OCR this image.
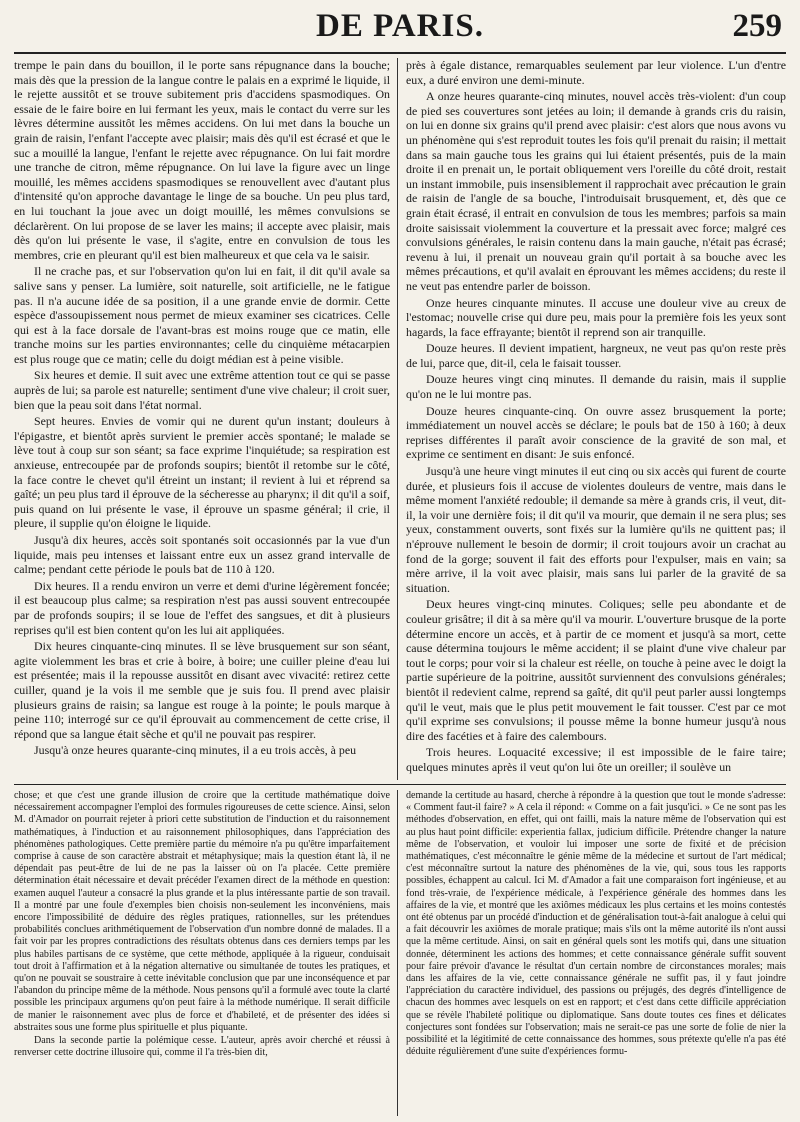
DE PARIS.	259

trempe le pain dans du bouillon, il le porte sans répugnance dans la bouche; mais dès que la pression de la langue contre le palais en a exprimé le liquide, il le rejette aussitôt et se trouve subitement pris d'accidens spasmodiques. On essaie de le faire boire en lui fermant les yeux, mais le contact du verre sur les lèvres détermine aussitôt les mêmes accidens. On lui met dans la bouche un grain de raisin, l'enfant l'accepte avec plaisir; mais dès qu'il est écrasé et que le suc a mouillé la langue, l'enfant le rejette avec répugnance. On lui fait mordre une tranche de citron, même répugnance. On lui lave la figure avec un linge mouillé, les mêmes accidens spasmodiques se renouvellent avec d'autant plus d'intensité qu'on approche davantage le linge de sa bouche. Un peu plus tard, en lui touchant la joue avec un doigt mouillé, les mêmes convulsions se déclarèrent. On lui propose de se laver les mains; il accepte avec plaisir, mais dès qu'on lui présente le vase, il s'agite, entre en convulsion de tous les membres, crie en pleurant qu'il est bien malheureux et que cela va le saisir.

Il ne crache pas, et sur l'observation qu'on lui en fait, il dit qu'il avale sa salive sans y penser. La lumière, soit naturelle, soit artificielle, ne le fatigue pas. Il n'a aucune idée de sa position, il a une grande envie de dormir. Cette espèce d'assoupissement nous permet de mieux examiner ses cicatrices. Celle qui est à la face dorsale de l'avant-bras est moins rouge que ce matin, elle tranche moins sur les parties environnantes; celle du cinquième métacarpien est plus rouge que ce matin; celle du doigt médian est à peine visible.

Six heures et demie. Il suit avec une extrême attention tout ce qui se passe auprès de lui; sa parole est naturelle; sentiment d'une vive chaleur; il croit suer, bien que la peau soit dans l'état normal.

Sept heures. Envies de vomir qui ne durent qu'un instant; douleurs à l'épigastre, et bientôt après survient le premier accès spontané; le malade se lève tout à coup sur son séant; sa face exprime l'inquiétude; sa respiration est anxieuse, entrecoupée par de profonds soupirs; bientôt il retombe sur le côté, la face contre le chevet qu'il étreint un instant; il revient à lui et réprend sa gaîté; un peu plus tard il éprouve de la sécheresse au pharynx; il dit qu'il a soif, puis quand on lui présente le vase, il éprouve un spasme général; il crie, il pleure, il supplie qu'on éloigne le liquide.

Jusqu'à dix heures, accès soit spontanés soit occasionnés par la vue d'un liquide, mais peu intenses et laissant entre eux un assez grand intervalle de calme; pendant cette période le pouls bat de 110 à 120.

Dix heures. Il a rendu environ un verre et demi d'urine légèrement foncée; il est beaucoup plus calme; sa respiration n'est pas aussi souvent entrecoupée par de profonds soupirs; il se loue de l'effet des sangsues, et dit à plusieurs reprises qu'il est bien content qu'on les lui ait appliquées.

Dix heures cinquante-cinq minutes. Il se lève brusquement sur son séant, agite violemment les bras et crie à boire, à boire; une cuiller pleine d'eau lui est présentée; mais il la repousse aussitôt en disant avec vivacité: retirez cette cuiller, quand je la vois il me semble que je suis fou. Il prend avec plaisir plusieurs grains de raisin; sa langue est rouge à la pointe; le pouls marque à peine 110; interrogé sur ce qu'il éprouvait au commencement de cette crise, il répond que sa langue était sèche et qu'il ne pouvait pas respirer.

Jusqu'à onze heures quarante-cinq minutes, il a eu trois accès, à peu

près à égale distance, remarquables seulement par leur violence. L'un d'entre eux, a duré environ une demi-minute.

A onze heures quarante-cinq minutes, nouvel accès très-violent: d'un coup de pied ses couvertures sont jetées au loin; il demande à grands cris du raisin, on lui en donne six grains qu'il prend avec plaisir: c'est alors que nous avons vu un phénomène qui s'est reproduit toutes les fois qu'il prenait du raisin; il mettait dans sa main gauche tous les grains qui lui étaient présentés, puis de la main droite il en prenait un, le portait obliquement vers l'oreille du côté droit, restait un instant immobile, puis insensiblement il rapprochait avec précaution le grain de raisin de l'angle de sa bouche, l'introduisait brusquement, et, dès que ce grain était écrasé, il entrait en convulsion de tous les membres; parfois sa main droite saisissait violemment la couverture et la pressait avec force; malgré ces convulsions générales, le raisin contenu dans la main gauche, n'était pas écrasé; revenu à lui, il prenait un nouveau grain qu'il portait à sa bouche avec les mêmes précautions, et qu'il avalait en éprouvant les mêmes accidens; du reste il ne veut pas entendre parler de boisson.

Onze heures cinquante minutes. Il accuse une douleur vive au creux de l'estomac; nouvelle crise qui dure peu, mais pour la première fois les yeux sont hagards, la face effrayante; bientôt il reprend son air tranquille.

Douze heures. Il devient impatient, hargneux, ne veut pas qu'on reste près de lui, parce que, dit-il, cela le faisait tousser.

Douze heures vingt cinq minutes. Il demande du raisin, mais il supplie qu'on ne le lui montre pas.

Douze heures cinquante-cinq. On ouvre assez brusquement la porte; immédiatement un nouvel accès se déclare; le pouls bat de 150 à 160; à deux reprises différentes il paraît avoir conscience de la gravité de son mal, et exprime ce sentiment en disant: Je suis enfoncé.

Jusqu'à une heure vingt minutes il eut cinq ou six accès qui furent de courte durée, et plusieurs fois il accuse de violentes douleurs de ventre, mais dans le même moment l'anxiété redouble; il demande sa mère à grands cris, il veut, dit-il, la voir une dernière fois; il dit qu'il va mourir, que demain il ne sera plus; ses yeux, constamment ouverts, sont fixés sur la lumière qu'ils ne quittent pas; il n'éprouve nullement le besoin de dormir; il croit toujours avoir un crachat au fond de la gorge; souvent il fait des efforts pour l'expulser, mais en vain; sa mère arrive, il la voit avec plaisir, mais sans lui parler de la gravité de sa situation.

Deux heures vingt-cinq minutes. Coliques; selle peu abondante et de couleur grisâtre; il dit à sa mère qu'il va mourir. L'ouverture brusque de la porte détermine encore un accès, et à partir de ce moment et jusqu'à sa mort, cette cause détermina toujours le même accident; il se plaint d'une vive chaleur par tout le corps; pour voir si la chaleur est réelle, on touche à peine avec le doigt la partie supérieure de la poitrine, aussitôt surviennent des convulsions générales; bientôt il redevient calme, reprend sa gaîté, dit qu'il peut parler aussi longtemps qu'il le veut, mais que le plus petit mouvement le fait tousser. C'est par ce mot qu'il exprime ses convulsions; il pousse même la bonne humeur jusqu'à nous dire des facéties et à faire des calembours.

Trois heures. Loquacité excessive; il est impossible de le faire taire; quelques minutes après il veut qu'on lui ôte un oreiller; il soulève un

chose; et que c'est une grande illusion de croire que la certitude mathématique doive nécessairement accompagner l'emploi des formules rigoureuses de cette science. Ainsi, selon M. d'Amador on pourrait rejeter à priori cette substitution de l'induction et du raisonnement mathématiques, à l'induction et au raisonnement philosophiques, dans l'appréciation des phénomènes pathologiques. Cette première partie du mémoire n'a pu qu'être imparfaitement comprise à cause de son caractère abstrait et métaphysique; mais la question étant là, il ne dépendait pas peut-être de lui de ne pas la laisser où on l'a placée. Cette première détermination était nécessaire et devait précéder l'examen direct de la méthode en question: examen auquel l'auteur a consacré la plus grande et la plus intéressante partie de son travail. Il a montré par une foule d'exemples bien choisis non-seulement les inconvéniens, mais encore l'impossibilité de déduire des règles pratiques, rationnelles, sur les prétendues probabilités conclues arithmétiquement de l'observation d'un nombre donné de malades. Il a fait voir par les propres contradictions des résultats obtenus dans ces derniers temps par les plus habiles partisans de ce système, que cette méthode, appliquée à la rigueur, conduisait tout droit à l'affirmation et à la négation alternative ou simultanée de toutes les pratiques, et qu'on ne pouvait se soustraire à cette inévitable conclusion que par une inconséquence et par l'abandon du principe même de la méthode. Nous pensons qu'il a formulé avec toute la clarté possible les principaux argumens qu'on peut faire à la méthode numérique. Il serait difficile de manier le raisonnement avec plus de force et d'habileté, et de présenter des idées si abstraites sous une forme plus spirituelle et plus piquante.

Dans la seconde partie la polémique cesse. L'auteur, après avoir cherché et réussi à renverser cette doctrine illusoire qui, comme il l'a très-bien dit,

demande la certitude au hasard, cherche à répondre à la question que tout le monde s'adresse: « Comment faut-il faire? » A cela il répond: « Comme on a fait jusqu'ici. » Ce ne sont pas les méthodes d'observation, en effet, qui ont failli, mais la nature même de l'observation qui est au plus haut point difficile: experientia fallax, judicium difficile. Prétendre changer la nature même de l'observation, et vouloir lui imposer une sorte de fixité et de précision mathématiques, c'est méconnaître le génie même de la médecine et surtout de l'art médical; c'est méconnaître surtout la nature des phénomènes de la vie, qui, sous tous les rapports possibles, échappent au calcul. Ici M. d'Amador a fait une comparaison fort ingénieuse, et au fond très-vraie, de l'expérience médicale, à l'expérience générale des hommes dans les affaires de la vie, et montré que les axiômes médicaux les plus certains et les moins contestés ont été obtenus par un procédé d'induction et de généralisation tout-à-fait analogue à celui qui a fait découvrir les axiômes de morale pratique; mais s'ils ont la même autorité ils n'ont aussi que la même certitude. Ainsi, on sait en général quels sont les motifs qui, dans une situation donnée, déterminent les actions des hommes; et cette connaissance générale suffit souvent pour faire prévoir d'avance le résultat d'un certain nombre de circonstances morales; mais dans les affaires de la vie, cette connaissance générale ne suffit pas, il y faut joindre l'appréciation du caractère individuel, des passions ou préjugés, des degrés d'intelligence de chacun des hommes avec lesquels on est en rapport; et c'est dans cette difficile appréciation que se révèle l'habileté politique ou diplomatique. Sans doute toutes ces fines et délicates conjectures sont fondées sur l'observation; mais ne serait-ce pas une sorte de folie de nier la possibilité et la légitimité de cette connaissance des hommes, sous prétexte qu'elle n'a pas été déduite régulièrement d'une suite d'expériences formu-
